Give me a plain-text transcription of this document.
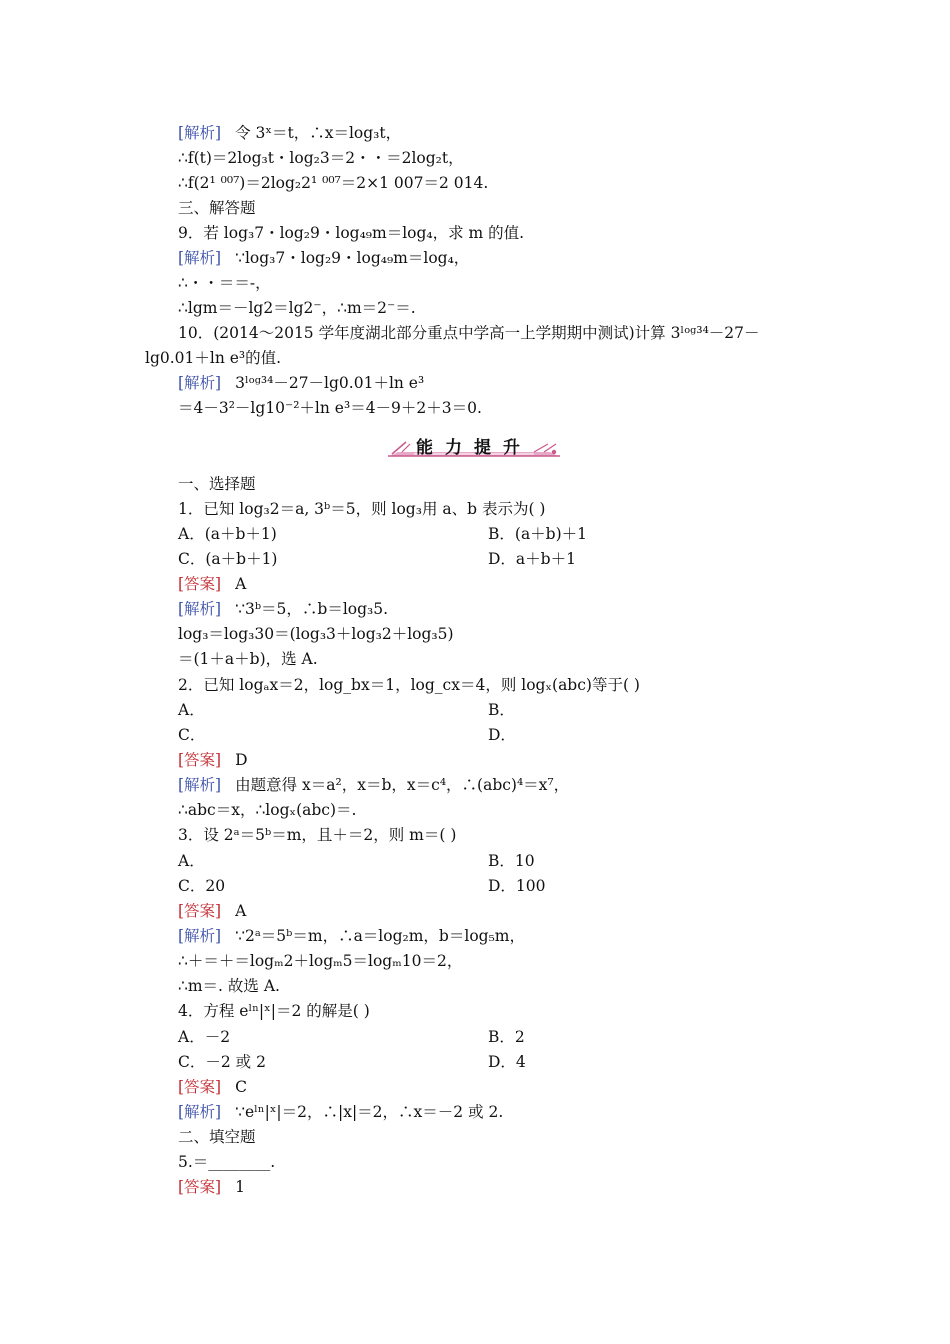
[解析] 令 3ˣ＝t，∴x＝log₃t，
∴f(t)＝2log₃t・log₂3＝2・・＝2log₂t，
∴f(2¹ ⁰⁰⁷)＝2log₂2¹ ⁰⁰⁷＝2×1 007＝2 014.
三、解答题
9．若 log₃7・log₂9・log₄₉m＝log₄，求 m 的值.
[解析] ∵log₃7・log₂9・log₄₉m＝log₄，
∴・・＝＝-，
∴lgm＝－lg2＝lg2⁻，∴m＝2⁻＝.
10．(2014～2015 学年度湖北部分重点中学高一上学期期中测试)计算 3ˡᵒᵍ³⁴－27－
lg0.01＋ln e³的值.
[解析] 3ˡᵒᵍ³⁴－27－lg0.01＋ln e³
＝4－3²－lg10⁻²＋ln e³＝4－9＋2＋3＝0.
能力提升
一、选择题
1．已知 log₃2＝a, 3ᵇ＝5，则 log₃用 a、b 表示为( )
A．(a＋b＋1)	B．(a＋b)＋1
C．(a＋b＋1)	D．a＋b＋1
[答案] A
[解析] ∵3ᵇ＝5，∴b＝log₃5.
log₃＝log₃30＝(log₃3＋log₃2＋log₃5)
＝(1＋a＋b)，选 A.
2．已知 logₐx＝2，log_bx＝1，log_cx＝4，则 logₓ(abc)等于( )
A．	B．
C．	D．
[答案] D
[解析] 由题意得 x＝a²，x＝b，x＝c⁴，∴(abc)⁴＝x⁷，
∴abc＝x，∴logₓ(abc)＝.
3．设 2ᵃ＝5ᵇ＝m，且＋＝2，则 m＝( )
A．	B．10
C．20	D．100
[答案] A
[解析] ∵2ᵃ＝5ᵇ＝m，∴a＝log₂m，b＝log₅m，
∴＋＝＋＝logₘ2＋logₘ5＝logₘ10＝2，
∴m＝. 故选 A.
4．方程 eˡⁿ|ˣ|＝2 的解是( )
A．－2	B．2
C．－2 或 2	D．4
[答案] C
[解析] ∵eˡⁿ|ˣ|＝2，∴|x|＝2，∴x＝－2 或 2.
二、填空题
5.＝________.
[答案] 1
